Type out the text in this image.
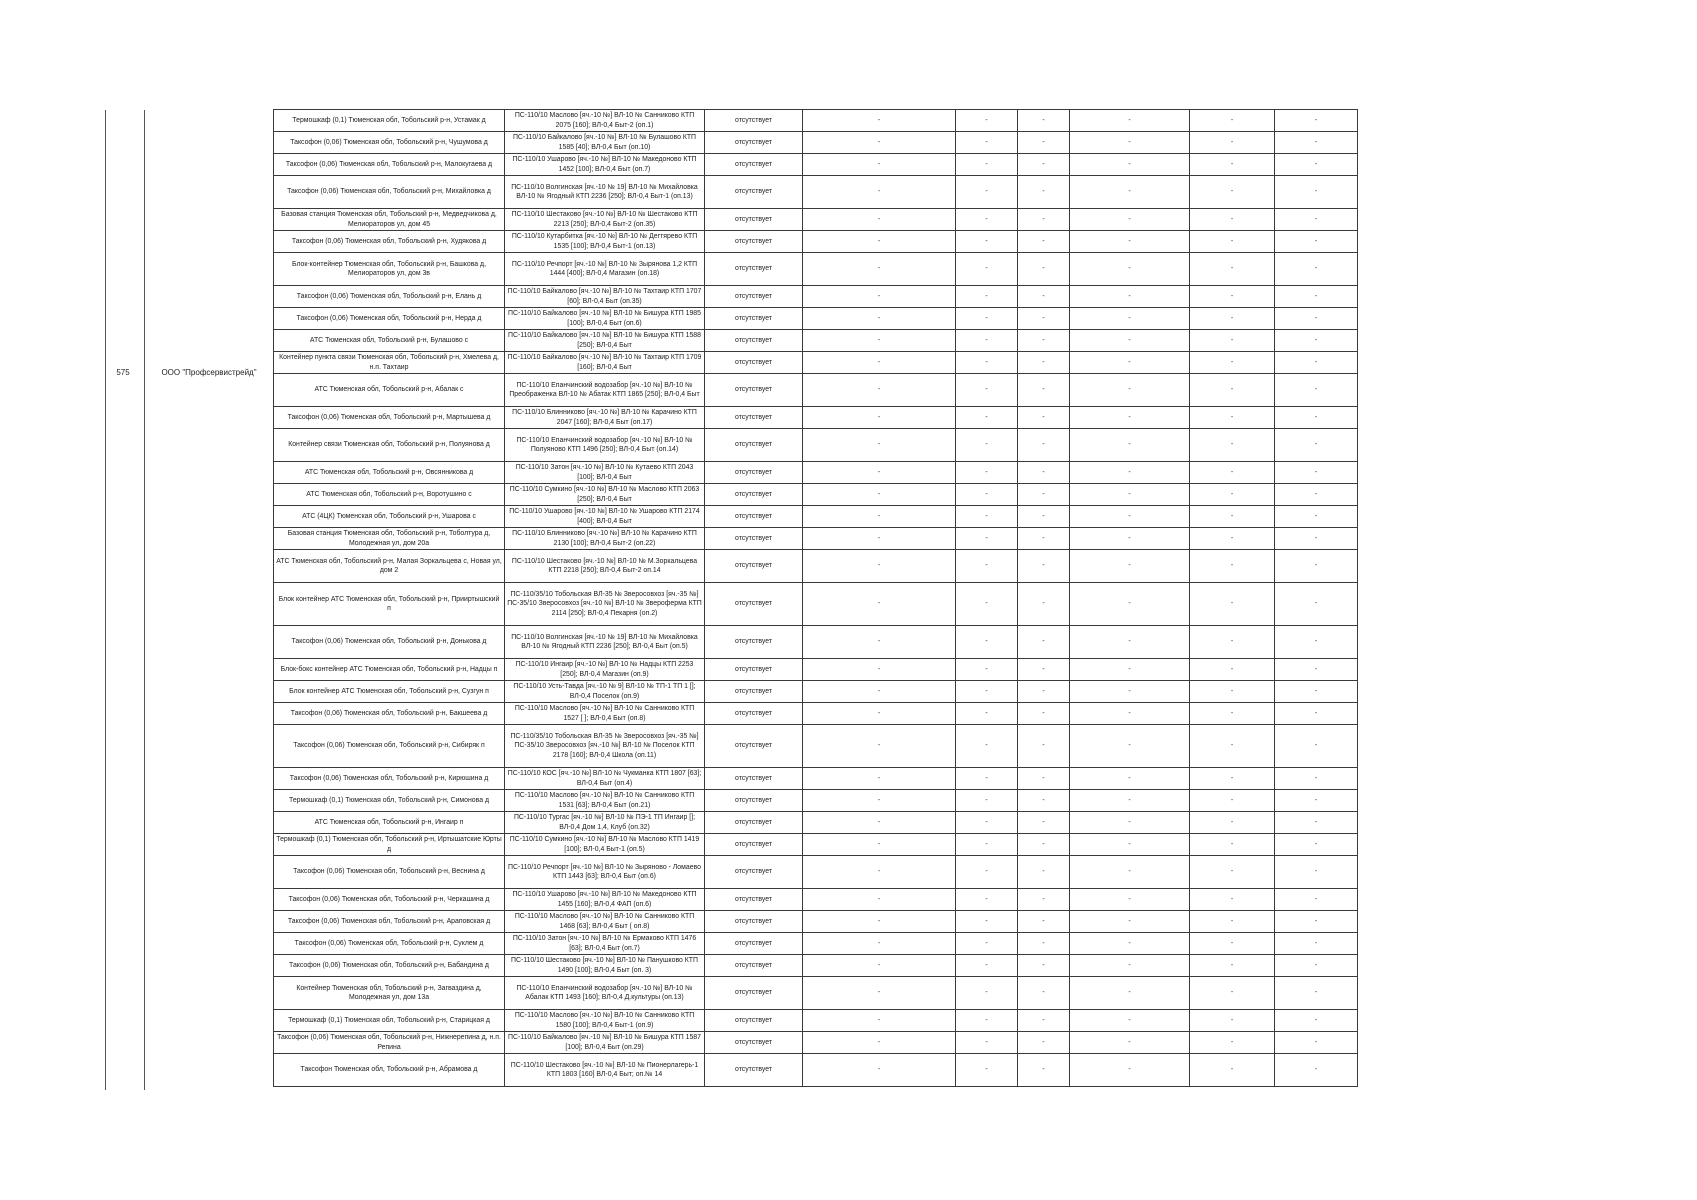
575	ООО "Профсервистрейд"
Термошкаф (0,1) Тюменская обл, Тобольский р-н, Устамак д	ПС-110/10 Маслово [яч.-10 №] ВЛ-10 № Санниково КТП 2075 [160]; ВЛ-0,4 Быт-2 (оп.1)	отсутствует	-	-	-	-	-	-
Таксофон (0,06) Тюменская обл, Тобольский р-н, Чушумова д	ПС-110/10 Байкалово [яч.-10 №] ВЛ-10 № Булашово КТП 1585 [40]; ВЛ-0,4 Быт (оп.10)	отсутствует	-	-	-	-	-	-
Таксофон (0,06) Тюменская обл, Тобольский р-н, Малокугаева д	ПС-110/10 Ушарово [яч.-10 №] ВЛ-10 № Македоново КТП 1452 [100]; ВЛ-0,4 Быт (оп.7)	отсутствует	-	-	-	-	-	-
Таксофон (0,06) Тюменская обл, Тобольский р-н, Михайловка д	ПС-110/10 Волгинская [яч.-10 № 19] ВЛ-10 № Михайловка ВЛ-10 № Ягодный КТП 2236 [250]; ВЛ-0,4 Быт-1 (оп.13)	отсутствует	-	-	-	-	-	-
Базовая станция Тюменская обл, Тобольский р-н, Медведчикова д, Мелиораторов ул, дом 45	ПС-110/10 Шестаково [яч.-10 №] ВЛ-10 № Шестаково КТП 2213 [250]; ВЛ-0,4 Быт-2 (оп.35)	отсутствует	-	-	-	-	-	-
Таксофон (0,06) Тюменская обл, Тобольский р-н, Худякова д	ПС-110/10 Кутарбитка [яч.-10 №] ВЛ-10 № Дегтярево КТП 1535 [100]; ВЛ-0,4 Быт-1 (оп.13)	отсутствует	-	-	-	-	-	-
Блок-контейнер Тюменская обл, Тобольский р-н, Башкова д, Мелиораторов ул, дом 3в	ПС-110/10 Речпорт [яч.-10 №] ВЛ-10 № Зырянова 1,2 КТП 1444 [400]; ВЛ-0,4 Магазин (оп.18)	отсутствует	-	-	-	-	-	-
Таксофон (0,06) Тюменская обл, Тобольский р-н, Елань д	ПС-110/10 Байкалово [яч.-10 №] ВЛ-10 № Тахтаир КТП 1707 [60]; ВЛ-0,4 Быт (оп.35)	отсутствует	-	-	-	-	-	-
Таксофон (0,06) Тюменская обл, Тобольский р-н, Нерда д	ПС-110/10 Байкалово [яч.-10 №] ВЛ-10 № Бишура КТП 1985 [100]; ВЛ-0,4 Быт (оп.6)	отсутствует	-	-	-	-	-	-
АТС Тюменская обл, Тобольский р-н, Булашово с	ПС-110/10 Байкалово [яч.-10 №] ВЛ-10 № Бишура КТП 1588 [250]; ВЛ-0,4 Быт	отсутствует	-	-	-	-	-	-
Контейнер пункта связи Тюменская обл, Тобольский р-н, Хмелева д, н.п. Тахтаир	ПС-110/10 Байкалово [яч.-10 №] ВЛ-10 № Тахтаир КТП 1709 [160]; ВЛ-0,4 Быт	отсутствует	-	-	-	-	-	-
АТС Тюменская обл, Тобольский р-н, Абалак с	ПС-110/10 Епанчинский водозабор [яч.-10 №] ВЛ-10 № Преображенка ВЛ-10 № Абатак КТП 1865 [250]; ВЛ-0,4 Быт	отсутствует	-	-	-	-	-	-
Таксофон (0,06) Тюменская обл, Тобольский р-н, Мартышева д	ПС-110/10 Блинниково [яч.-10 №] ВЛ-10 № Карачино КТП 2047 [160]; ВЛ-0,4 Быт (оп.17)	отсутствует	-	-	-	-	-	-
Контейнер связи Тюменская обл, Тобольский р-н, Полуянова д	ПС-110/10 Епанчинский водозабор [яч.-10 №] ВЛ-10 № Полуяново КТП 1496 [250]; ВЛ-0,4 Быт (оп.14)	отсутствует	-	-	-	-	-	-
АТС Тюменская обл, Тобольский р-н, Овсянникова д	ПС-110/10 Затон [яч.-10 №] ВЛ-10 № Кутаево КТП 2043 [100]; ВЛ-0,4 Быт	отсутствует	-	-	-	-	-	-
АТС Тюменская обл, Тобольский р-н, Воротушино с	ПС-110/10 Сумкино [яч.-10 №] ВЛ-10 № Маслово КТП 2063 [250]; ВЛ-0,4 Быт	отсутствует	-	-	-	-	-	-
АТС (4ЦК) Тюменская обл, Тобольский р-н, Ушарова с	ПС-110/10 Ушарово [яч.-10 №] ВЛ-10 № Ушарово КТП 2174 [400]; ВЛ-0,4 Быт	отсутствует	-	-	-	-	-	-
Базовая станция Тюменская обл, Тобольский р-н, Тоболтура д, Молодежная ул, дом 20а	ПС-110/10 Блинниково [яч.-10 №] ВЛ-10 № Карачино КТП 2130 [100]; ВЛ-0,4 Быт-2 (оп.22)	отсутствует	-	-	-	-	-	-
АТС Тюменская обл, Тобольский р-н, Малая Зоркальцева с, Новая ул, дом 2	ПС-110/10 Шестаково [яч.-10 №] ВЛ-10 № М.Зоркальцева КТП 2218 [250]; ВЛ-0,4 Быт-2 оп.14	отсутствует	-	-	-	-	-	-
Блок контейнер АТС Тюменская обл, Тобольский р-н, Прииртышский п	ПС-110/35/10 Тобольская ВЛ-35 № Зверосовхоз [яч.-35 №] ПС-35/10 Зверосовхоз [яч.-10 №] ВЛ-10 № Звероферма КТП 2114 [250]; ВЛ-0,4 Пекарня (оп.2)	отсутствует	-	-	-	-	-	-
Таксофон (0,06) Тюменская обл, Тобольский р-н, Донькова д	ПС-110/10 Волгинская [яч.-10 № 19] ВЛ-10 № Михайловка ВЛ-10 № Ягодный КТП 2236 [250]; ВЛ-0,4 Быт (оп.5)	отсутствует	-	-	-	-	-	-
Блок-бокс контейнер АТС Тюменская обл, Тобольский р-н, Надцы п	ПС-110/10 Ингаир [яч.-10 №] ВЛ-10 № Надцы КТП 2253 [250]; ВЛ-0,4 Магазин (оп.9)	отсутствует	-	-	-	-	-	-
Блок контейнер АТС Тюменская обл, Тобольский р-н, Сузгун п	ПС-110/10 Усть-Тавда [яч.-10 № 9] ВЛ-10 № ТП-1 ТП 1 []; ВЛ-0,4 Поселок (оп.9)	отсутствует	-	-	-	-	-	-
Таксофон (0,06) Тюменская обл, Тобольский р-н, Бакшеева д	ПС-110/10 Маслово [яч.-10 №] ВЛ-10 № Санниково КТП 1527 [ ]; ВЛ-0,4 Быт (оп.8)	отсутствует	-	-	-	-	-	-
Таксофон (0,06) Тюменская обл, Тобольский р-н, Сибиряк п	ПС-110/35/10 Тобольская ВЛ-35 № Зверосовхоз [яч.-35 №] ПС-35/10 Зверосовхоз [яч.-10 №] ВЛ-10 № Поселок КТП 2178 [160]; ВЛ-0,4 Школа (оп.11)	отсутствует	-	-	-	-	-	-
Таксофон (0,06) Тюменская обл, Тобольский р-н, Кирюшина д	ПС-110/10 КОС [яч.-10 №] ВЛ-10 № Чукманка КТП 1807 [63]; ВЛ-0,4 Быт (оп.4)	отсутствует	-	-	-	-	-	-
Термошкаф (0,1) Тюменская обл, Тобольский р-н, Симонова д	ПС-110/10 Маслово [яч.-10 №] ВЛ-10 № Санниково КТП 1531 [63]; ВЛ-0,4 Быт (оп.21)	отсутствует	-	-	-	-	-	-
АТС Тюменская обл, Тобольский р-н, Ингаир п	ПС-110/10 Тургас [яч.-10 №] ВЛ-10 № ПЭ-1 ТП Ингаир []; ВЛ-0,4 Дом 1,4, Клуб (оп.32)	отсутствует	-	-	-	-	-	-
Термошкаф (0,1) Тюменская обл, Тобольский р-н, Иртышатские Юрты д	ПС-110/10 Сумкино [яч.-10 №] ВЛ-10 № Маслово КТП 1419 [100]; ВЛ-0,4 Быт-1 (оп.5)	отсутствует	-	-	-	-	-	-
Таксофон (0,06) Тюменская обл, Тобольский р-н, Веснина д	ПС-110/10 Речпорт [яч.-10 №] ВЛ-10 № Зыряново - Ломаево КТП 1443 [63]; ВЛ-0,4 Быт (оп.6)	отсутствует	-	-	-	-	-	-
Таксофон (0,06) Тюменская обл, Тобольский р-н, Черкашина д	ПС-110/10 Ушарово [яч.-10 №] ВЛ-10 № Македоново КТП 1455 [160]; ВЛ-0,4 ФАП (оп.6)	отсутствует	-	-	-	-	-	-
Таксофон (0,06) Тюменская обл, Тобольский р-н, Араповская д	ПС-110/10 Маслово [яч.-10 №] ВЛ-10 № Санниково КТП 1468 [63]; ВЛ-0,4 Быт ( оп.8)	отсутствует	-	-	-	-	-	-
Таксофон (0,06) Тюменская обл, Тобольский р-н, Суклем д	ПС-110/10 Затон [яч.-10 №] ВЛ-10 № Ермаково КТП 1476 [63]; ВЛ-0,4 Быт (оп.7)	отсутствует	-	-	-	-	-	-
Таксофон (0,06) Тюменская обл, Тобольский р-н, Бабандина д	ПС-110/10 Шестаково [яч.-10 №] ВЛ-10 № Панушково КТП 1490 [100]; ВЛ-0,4 Быт (оп. 3)	отсутствует	-	-	-	-	-	-
Контейнер Тюменская обл, Тобольский р-н, Загваздина д, Молодежная ул, дом 13а	ПС-110/10 Епанчинский водозабор [яч.-10 №] ВЛ-10 № Абалак КТП 1493 [160]; ВЛ-0,4 Д.культуры (оп.13)	отсутствует	-	-	-	-	-	-
Термошкаф (0,1) Тюменская обл, Тобольский р-н, Старицкая д	ПС-110/10 Маслово [яч.-10 №] ВЛ-10 № Санниково КТП 1580 [100]; ВЛ-0,4 Быт-1 (оп.9)	отсутствует	-	-	-	-	-	-
Таксофон (0,06) Тюменская обл, Тобольский р-н, Нижнерепина д, н.п. Репина	ПС-110/10 Байкалово [яч.-10 №] ВЛ-10 № Бишура КТП 1587 [100]; ВЛ-0,4 Быт (оп.29)	отсутствует	-	-	-	-	-	-
Таксофон Тюменская обл, Тобольский р-н, Абрамова д	ПС-110/10 Шестаково [яч.-10 №] ВЛ-10 № Пионерлагерь-1 КТП 1803 [160] ВЛ-0,4 Быт; оп.№ 14	отсутствует	-	-	-	-	-	-
